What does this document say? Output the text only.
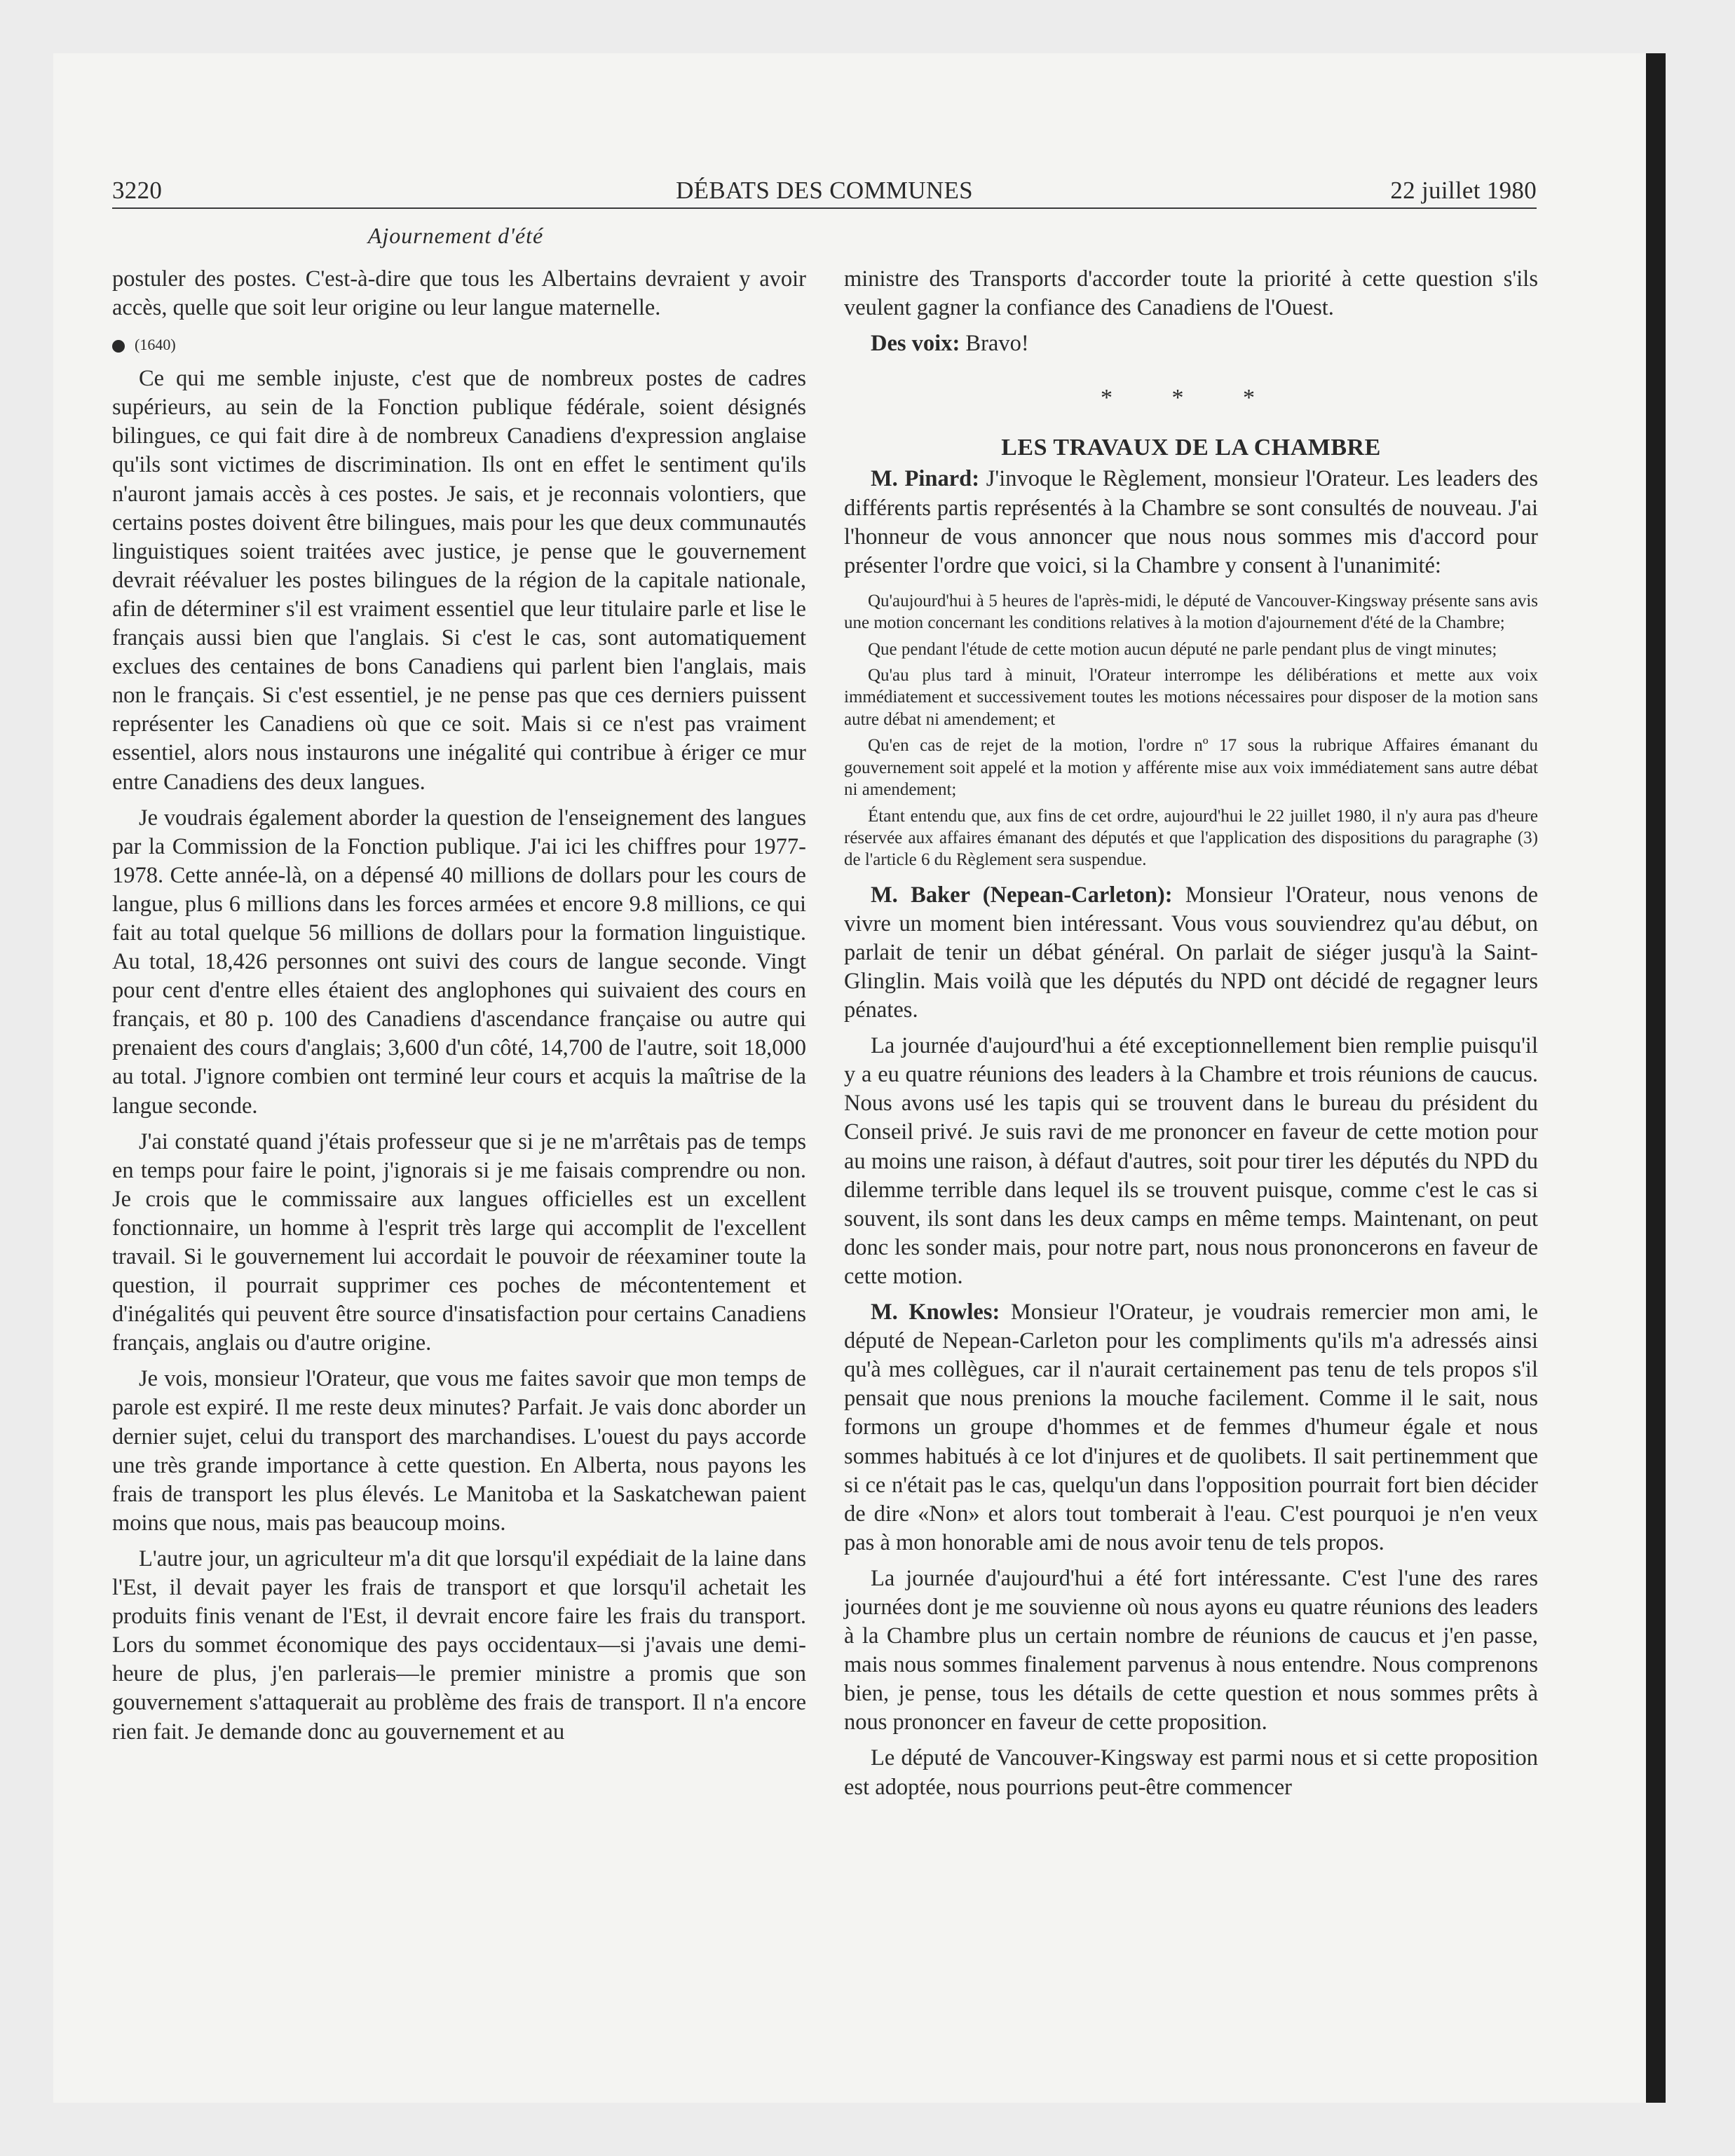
3220	DÉBATS DES COMMUNES	22 juillet 1980
Ajournement d'été

postuler des postes. C'est-à-dire que tous les Albertains devraient y avoir accès, quelle que soit leur origine ou leur langue maternelle.

(1640)

Ce qui me semble injuste, c'est que de nombreux postes de cadres supérieurs, au sein de la Fonction publique fédérale, soient désignés bilingues, ce qui fait dire à de nombreux Canadiens d'expression anglaise qu'ils sont victimes de discrimination. Ils ont en effet le sentiment qu'ils n'auront jamais accès à ces postes. Je sais, et je reconnais volontiers, que certains postes doivent être bilingues, mais pour les que deux communautés linguistiques soient traitées avec justice, je pense que le gouvernement devrait réévaluer les postes bilingues de la région de la capitale nationale, afin de déterminer s'il est vraiment essentiel que leur titulaire parle et lise le français aussi bien que l'anglais. Si c'est le cas, sont automatiquement exclues des centaines de bons Canadiens qui parlent bien l'anglais, mais non le français. Si c'est essentiel, je ne pense pas que ces derniers puissent représenter les Canadiens où que ce soit. Mais si ce n'est pas vraiment essentiel, alors nous instaurons une inégalité qui contribue à ériger ce mur entre Canadiens des deux langues.

Je voudrais également aborder la question de l'enseignement des langues par la Commission de la Fonction publique. J'ai ici les chiffres pour 1977-1978. Cette année-là, on a dépensé 40 millions de dollars pour les cours de langue, plus 6 millions dans les forces armées et encore 9.8 millions, ce qui fait au total quelque 56 millions de dollars pour la formation linguistique. Au total, 18,426 personnes ont suivi des cours de langue seconde. Vingt pour cent d'entre elles étaient des anglophones qui suivaient des cours en français, et 80 p. 100 des Canadiens d'ascendance française ou autre qui prenaient des cours d'anglais; 3,600 d'un côté, 14,700 de l'autre, soit 18,000 au total. J'ignore combien ont terminé leur cours et acquis la maîtrise de la langue seconde.

J'ai constaté quand j'étais professeur que si je ne m'arrêtais pas de temps en temps pour faire le point, j'ignorais si je me faisais comprendre ou non. Je crois que le commissaire aux langues officielles est un excellent fonctionnaire, un homme à l'esprit très large qui accomplit de l'excellent travail. Si le gouvernement lui accordait le pouvoir de réexaminer toute la question, il pourrait supprimer ces poches de mécontentement et d'inégalités qui peuvent être source d'insatisfaction pour certains Canadiens français, anglais ou d'autre origine.

Je vois, monsieur l'Orateur, que vous me faites savoir que mon temps de parole est expiré. Il me reste deux minutes? Parfait. Je vais donc aborder un dernier sujet, celui du transport des marchandises. L'ouest du pays accorde une très grande importance à cette question. En Alberta, nous payons les frais de transport les plus élevés. Le Manitoba et la Saskatchewan paient moins que nous, mais pas beaucoup moins.

L'autre jour, un agriculteur m'a dit que lorsqu'il expédiait de la laine dans l'Est, il devait payer les frais de transport et que lorsqu'il achetait les produits finis venant de l'Est, il devrait encore faire les frais du transport. Lors du sommet économique des pays occidentaux—si j'avais une demi-heure de plus, j'en parlerais—le premier ministre a promis que son gouvernement s'attaquerait au problème des frais de transport. Il n'a encore rien fait. Je demande donc au gouvernement et au

ministre des Transports d'accorder toute la priorité à cette question s'ils veulent gagner la confiance des Canadiens de l'Ouest.

Des voix: Bravo!

* * *
LES TRAVAUX DE LA CHAMBRE

M. Pinard: J'invoque le Règlement, monsieur l'Orateur. Les leaders des différents partis représentés à la Chambre se sont consultés de nouveau. J'ai l'honneur de vous annoncer que nous nous sommes mis d'accord pour présenter l'ordre que voici, si la Chambre y consent à l'unanimité:

Qu'aujourd'hui à 5 heures de l'après-midi, le député de Vancouver-Kingsway présente sans avis une motion concernant les conditions relatives à la motion d'ajournement d'été de la Chambre;

Que pendant l'étude de cette motion aucun député ne parle pendant plus de vingt minutes;

Qu'au plus tard à minuit, l'Orateur interrompe les délibérations et mette aux voix immédiatement et successivement toutes les motions nécessaires pour disposer de la motion sans autre débat ni amendement; et

Qu'en cas de rejet de la motion, l'ordre nº 17 sous la rubrique Affaires émanant du gouvernement soit appelé et la motion y afférente mise aux voix immédiatement sans autre débat ni amendement;

Étant entendu que, aux fins de cet ordre, aujourd'hui le 22 juillet 1980, il n'y aura pas d'heure réservée aux affaires émanant des députés et que l'application des dispositions du paragraphe (3) de l'article 6 du Règlement sera suspendue.

M. Baker (Nepean-Carleton): Monsieur l'Orateur, nous venons de vivre un moment bien intéressant. Vous vous souviendrez qu'au début, on parlait de tenir un débat général. On parlait de siéger jusqu'à la Saint-Glinglin. Mais voilà que les députés du NPD ont décidé de regagner leurs pénates.

La journée d'aujourd'hui a été exceptionnellement bien remplie puisqu'il y a eu quatre réunions des leaders à la Chambre et trois réunions de caucus. Nous avons usé les tapis qui se trouvent dans le bureau du président du Conseil privé. Je suis ravi de me prononcer en faveur de cette motion pour au moins une raison, à défaut d'autres, soit pour tirer les députés du NPD du dilemme terrible dans lequel ils se trouvent puisque, comme c'est le cas si souvent, ils sont dans les deux camps en même temps. Maintenant, on peut donc les sonder mais, pour notre part, nous nous prononcerons en faveur de cette motion.

M. Knowles: Monsieur l'Orateur, je voudrais remercier mon ami, le député de Nepean-Carleton pour les compliments qu'ils m'a adressés ainsi qu'à mes collègues, car il n'aurait certainement pas tenu de tels propos s'il pensait que nous prenions la mouche facilement. Comme il le sait, nous formons un groupe d'hommes et de femmes d'humeur égale et nous sommes habitués à ce lot d'injures et de quolibets. Il sait pertinemment que si ce n'était pas le cas, quelqu'un dans l'opposition pourrait fort bien décider de dire «Non» et alors tout tomberait à l'eau. C'est pourquoi je n'en veux pas à mon honorable ami de nous avoir tenu de tels propos.

La journée d'aujourd'hui a été fort intéressante. C'est l'une des rares journées dont je me souvienne où nous ayons eu quatre réunions des leaders à la Chambre plus un certain nombre de réunions de caucus et j'en passe, mais nous sommes finalement parvenus à nous entendre. Nous comprenons bien, je pense, tous les détails de cette question et nous sommes prêts à nous prononcer en faveur de cette proposition.

Le député de Vancouver-Kingsway est parmi nous et si cette proposition est adoptée, nous pourrions peut-être commencer
